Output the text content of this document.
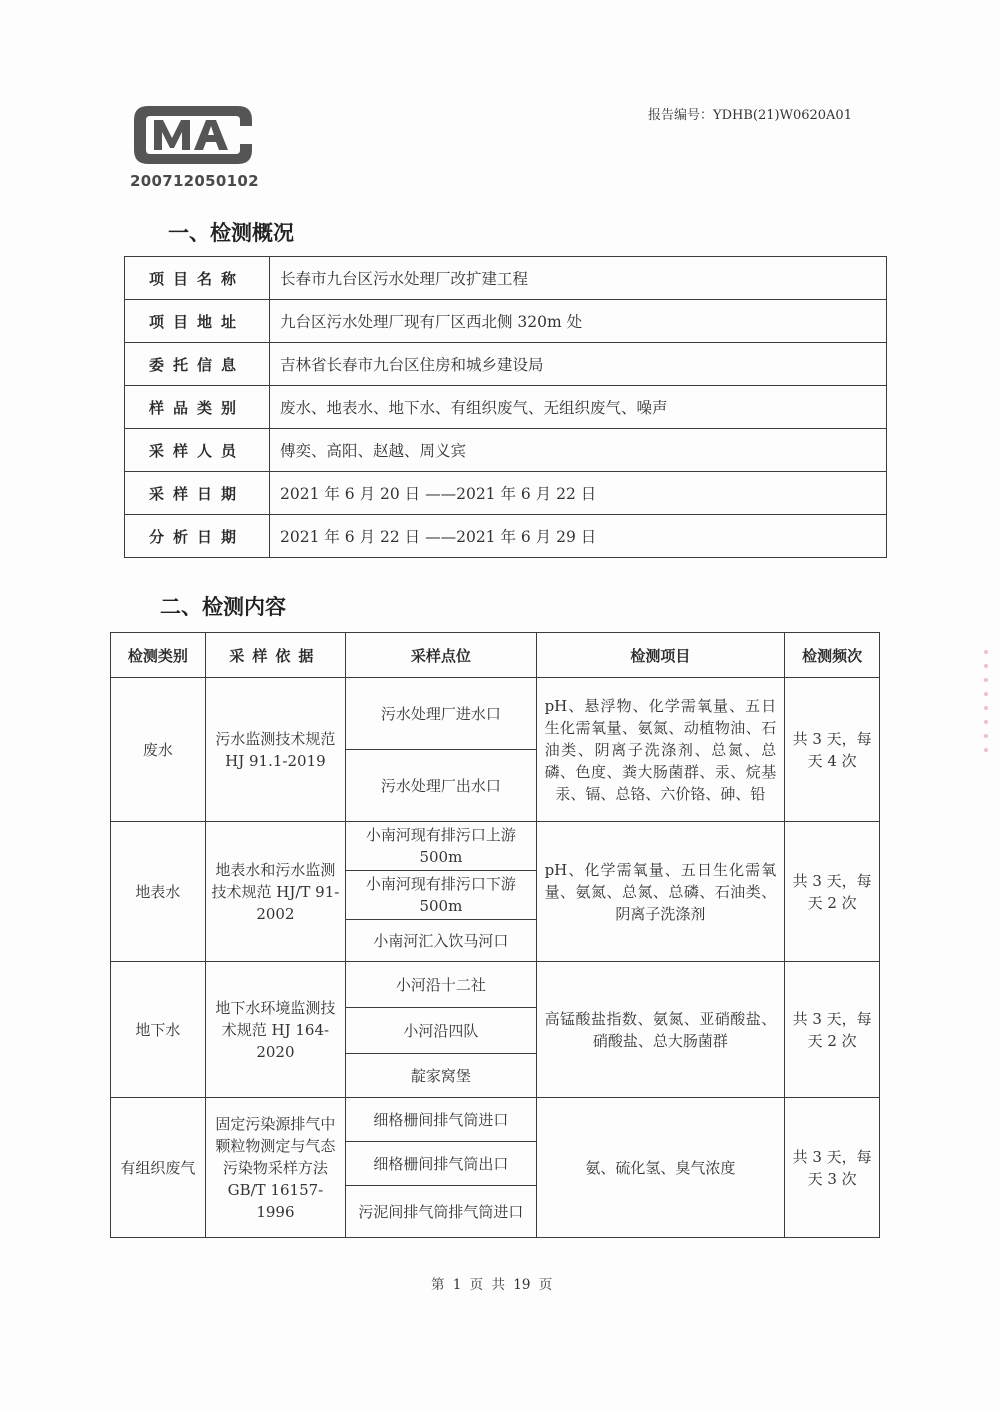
200712050102
报告编号：YDHB(21)W0620A01
一、检测概况
项目名称	长春市九台区污水处理厂改扩建工程
项目地址	九台区污水处理厂现有厂区西北侧 320m 处
委托信息	吉林省长春市九台区住房和城乡建设局
样品类别	废水、地表水、地下水、有组织废气、无组织废气、噪声
采样人员	傅奕、高阳、赵越、周义宾
采样日期	2021 年 6 月 20 日 ——2021 年 6 月 22 日
分析日期	2021 年 6 月 22 日 ——2021 年 6 月 29 日
二、检测内容
检测类别	采样依据	采样点位	检测项目	检测频次
废水	污水监测技术规范 HJ 91.1-2019	污水处理厂进水口	pH、悬浮物、化学需氧量、五日生化需氧量、氨氮、动植物油、石油类、阴离子洗涤剂、总氮、总磷、色度、粪大肠菌群、汞、烷基汞、镉、总铬、六价铬、砷、铅	共 3 天，每天 4 次
		污水处理厂出水口		
地表水	地表水和污水监测技术规范 HJ/T 91-2002	小南河现有排污口上游 500m	pH、化学需氧量、五日生化需氧量、氨氮、总氮、总磷、石油类、阴离子洗涤剂	共 3 天，每天 2 次
		小南河现有排污口下游 500m		
		小南河汇入饮马河口		
地下水	地下水环境监测技术规范 HJ 164-2020	小河沿十二社	高锰酸盐指数、氨氮、亚硝酸盐、硝酸盐、总大肠菌群	共 3 天，每天 2 次
		小河沿四队		
		靛家窝堡		
有组织废气	固定污染源排气中颗粒物测定与气态污染物采样方法 GB/T 16157-1996	细格栅间排气筒进口	氨、硫化氢、臭气浓度	共 3 天，每天 3 次
		细格栅间排气筒出口		
		污泥间排气筒排气筒进口		
第 1 页 共 19 页
